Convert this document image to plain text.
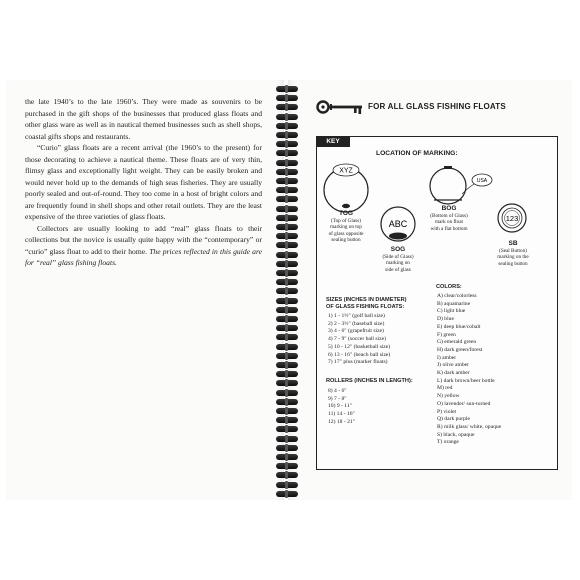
the late 1940’s to the late 1960’s. They were made as souvenirs to be purchased in the gift shops of the businesses that produced glass floats and other glass ware as well as in nautical themed businesses such as shell shops, coastal gifts shops and restaurants.

“Curio” glass floats are a recent arrival (the 1960’s to the present) for those decorating to achieve a nautical theme. These floats are of very thin, flimsy glass and exceptionally light weight. They can be easily broken and would never hold up to the demands of high seas fisheries. They are usually poorly sealed and out-of-round. They too come in a host of bright colors and are frequently found in shell shops and other retail outlets. They are the least expensive of the three varieties of glass floats.

Collectors are usually looking to add “real” glass floats to their collections but the novice is usually quite happy with the “contemporary” or “curio” glass float to add to their home. The prices reflected in this guide are for “real” glass fishing floats.

FOR ALL GLASS FISHING FLOATS
KEY
LOCATION OF MARKING:
XYZ
ABC
USA
123
TOG
(Top of Glass)
marking on top
of glass opposite
sealing button
SOG
(Side of Glass)
marking on
side of glass
BOG
(Bottom of Glass)
mark on float
with a flat bottom
SB
(Seal Button)
marking on the
sealing button
SIZES (INCHES IN DIAMETER)
OF GLASS FISHING FLOATS:
1) 1 - 1½″ (golf ball size)
2) 2 - 3½″ (baseball size)
3) 4 - 6″ (grapefruit size)
4) 7 - 9″ (soccer ball size)
5) 10 - 12″ (basketball size)
6) 13 - 16″ (beach ball size)
7) 17″ plus (marker floats)
ROLLERS (INCHES IN LENGTH):
8) 4 - 6″
9) 7 - 8″
10) 9 - 11″
11) 14 - 16″
12) 18 - 21″
COLORS:
A) clear/colorless
B) aquamarine
C) light blue
D) blue
E) deep blue/cobalt
F) green
G) emerald green
H) dark green/forest
I) amber
J) olive amber
K) dark amber
L) dark brown/beer bottle
M) red
N) yellow
O) lavender/ sun-turned
P) violet
Q) dark purple
R) milk glass/ white, opaque
S) black, opaque
T) orange
